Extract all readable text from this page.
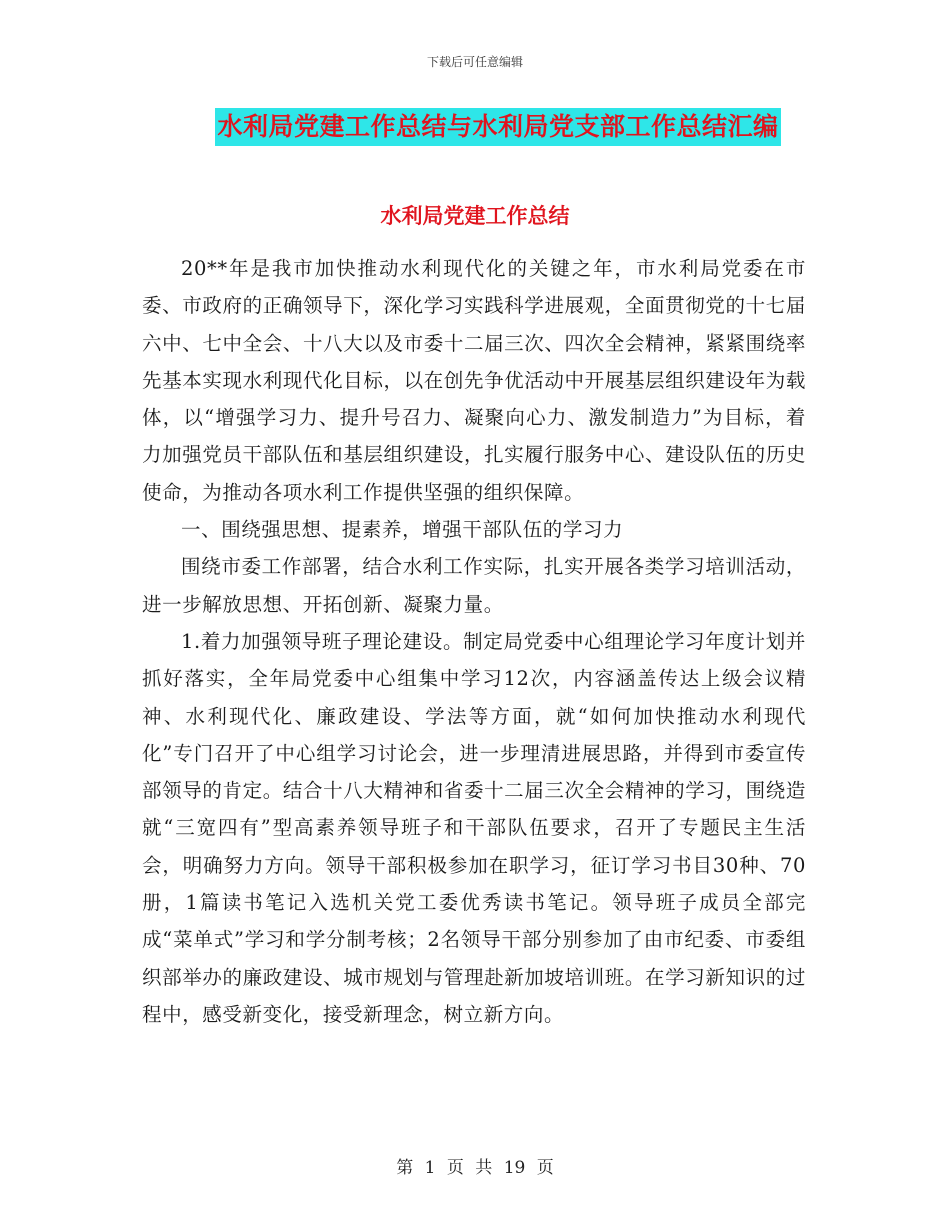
下载后可任意编辑
水利局党建工作总结与水利局党支部工作总结汇编
水利局党建工作总结

20**年是我市加快推动水利现代化的关键之年，市水利局党委在市委、市政府的正确领导下，深化学习实践科学进展观，全面贯彻党的十七届六中、七中全会、十八大以及市委十二届三次、四次全会精神，紧紧围绕率先基本实现水利现代化目标，以在创先争优活动中开展基层组织建设年为载体，以“增强学习力、提升号召力、凝聚向心力、激发制造力”为目标，着力加强党员干部队伍和基层组织建设，扎实履行服务中心、建设队伍的历史使命，为推动各项水利工作提供坚强的组织保障。

一、围绕强思想、提素养，增强干部队伍的学习力

围绕市委工作部署，结合水利工作实际，扎实开展各类学习培训活动，进一步解放思想、开拓创新、凝聚力量。

1.着力加强领导班子理论建设。制定局党委中心组理论学习年度计划并抓好落实，全年局党委中心组集中学习12次，内容涵盖传达上级会议精神、水利现代化、廉政建设、学法等方面，就“如何加快推动水利现代化”专门召开了中心组学习讨论会，进一步理清进展思路，并得到市委宣传部领导的肯定。结合十八大精神和省委十二届三次全会精神的学习，围绕造就“三宽四有”型高素养领导班子和干部队伍要求，召开了专题民主生活会，明确努力方向。领导干部积极参加在职学习，征订学习书目30种、70册，1篇读书笔记入选机关党工委优秀读书笔记。领导班子成员全部完成“菜单式”学习和学分制考核；2名领导干部分别参加了由市纪委、市委组织部举办的廉政建设、城市规划与管理赴新加坡培训班。在学习新知识的过程中，感受新变化，接受新理念，树立新方向。

第 1 页 共 19 页
